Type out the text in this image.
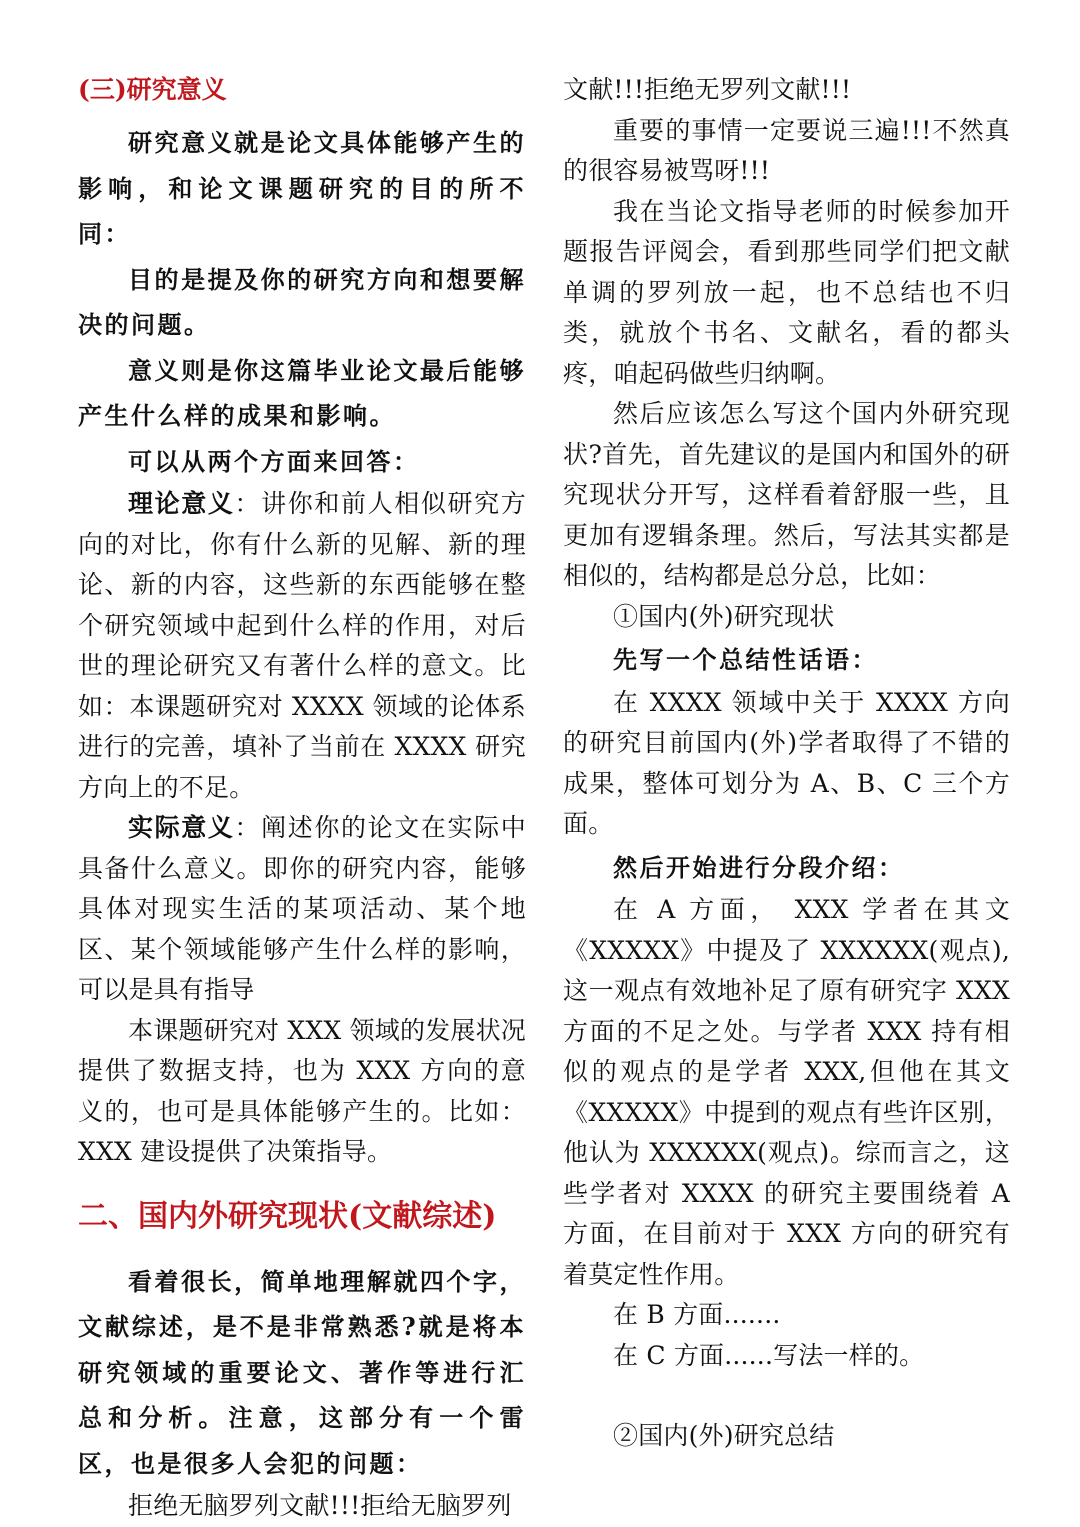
(三)研究意义

研究意义就是论文具体能够产生的影响，和论文课题研究的目的所不同：

目的是提及你的研究方向和想要解决的问题。

意义则是你这篇毕业论文最后能够产生什么样的成果和影响。

可以从两个方面来回答：

理论意义：讲你和前人相似研究方向的对比，你有什么新的见解、新的理论、新的内容，这些新的东西能够在整个研究领域中起到什么样的作用，对后世的理论研究又有著什么样的意文。比如：本课题研究对 XXXX 领域的论体系进行的完善，填补了当前在 XXXX 研究方向上的不足。

实际意义：阐述你的论文在实际中具备什么意义。即你的研究内容，能够具体对现实生活的某项活动、某个地区、某个领域能够产生什么样的影响，可以是具有指导

本课题研究对 XXX 领域的发展状况提供了数据支持，也为 XXX 方向的意义的，也可是具体能够产生的。比如：XXX 建设提供了决策指导。

二、国内外研究现状(文献综述)

看着很长，简单地理解就四个字，文献综述，是不是非常熟悉?就是将本研究领域的重要论文、著作等进行汇总和分析。注意，这部分有一个雷区，也是很多人会犯的问题：

拒绝无脑罗列文献!!!拒给无脑罗列

文献!!!拒绝无罗列文献!!!

重要的事情一定要说三遍!!!不然真的很容易被骂呀!!!

我在当论文指导老师的时候参加开题报告评阅会，看到那些同学们把文献单调的罗列放一起，也不总结也不归类，就放个书名、文献名，看的都头疼，咱起码做些归纳啊。

然后应该怎么写这个国内外研究现状?首先，首先建议的是国内和国外的研究现状分开写，这样看着舒服一些，且更加有逻辑条理。然后，写法其实都是相似的，结构都是总分总，比如：

①国内(外)研究现状

先写一个总结性话语：

在 XXXX 领域中关于 XXXX 方向的研究目前国内(外)学者取得了不错的成果，整体可划分为 A、B、C 三个方面。

然后开始进行分段介绍：

在 A 方面， XXX 学者在其文《XXXXX》中提及了 XXXXXX(观点),这一观点有效地补足了原有研究字 XXX 方面的不足之处。与学者 XXX 持有相似的观点的是学者 XXX,但他在其文《XXXXX》中提到的观点有些许区别，他认为 XXXXXX(观点)。综而言之，这些学者对 XXXX 的研究主要围绕着 A 方面，在目前对于 XXX 方向的研究有着莫定性作用。

在 B 方面.......

在 C 方面......写法一样的。

②国内(外)研究总结
